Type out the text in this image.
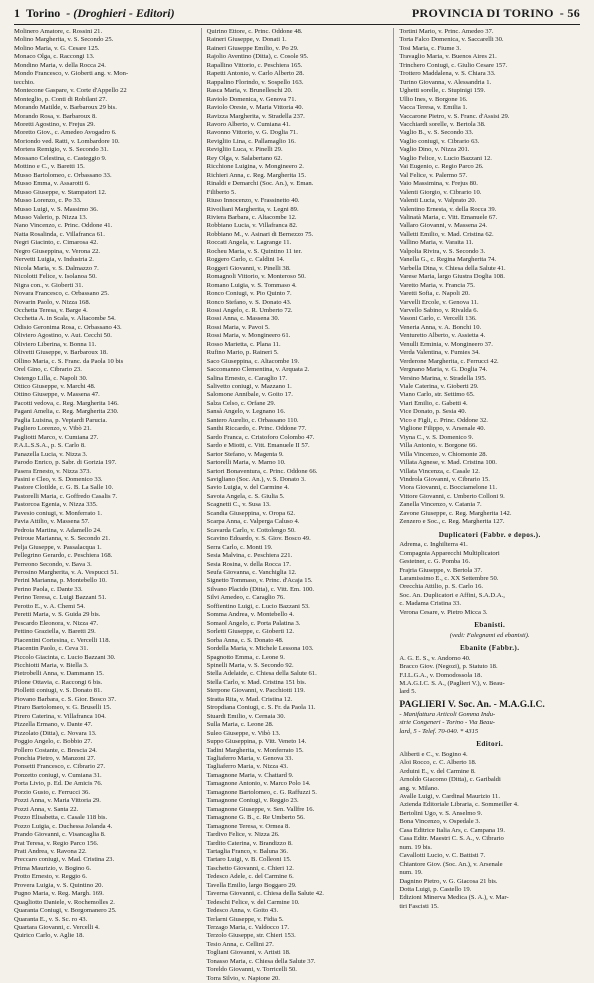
1 Torino - (Droghieri - Editori)	PROVINCIA DI TORINO - 56
Molinero Amatore, c. Rossini 21.
Molino Margherita, v. S. Secondo 25.
Molino Maria, v. G. Cesare 125.
Monaco Olga, c. Raccongi 13.
Mondino Maria, v. della Rocca 24.
Mondo Francesco, v. Gioberti ang. v. Mon-
tecchio.
Montecone Gaspare, v. Corte d'Appello 22
Monteglio, p. Conti di Robilant 27.
Morando Matilde, v. Barbaroux 29 bis.
Morando Rosa, v. Barbaroux 8.
Moretti Agostino, v. Frejus 29.
Moretto Giov., c. Amedeo Avogadro 6.
Moriondo ved. Ratti, v. Lombardore 10.
Mortera Remigio, v. S. Secondo 31.
Mossano Celestina, c. Casteggio 9.
Mottino e C., v. Baretti 15.
Musso Bartolomeo, c. Orbassano 33.
Musso Emma, v. Assarotti 6.
Musso Giuseppe, v. Stampatori 12.
Musso Lorenzo, c. Po 33.
Musso Luigi, v. S. Massimo 36.
Musso Valerio, p. Nizza 13.
Nano Vincenzo, c. Princ. Oddone 41.
Natta Rosalinda, c. Villafranca 61.
Negri Giacinto, c. Cimarosa 42.
Negro Giuseppina, v. Verona 22.
Nervetti Luigia, v. Industria 2.
Nicola Maria, v. S. Dalmazzo 7.
Nicolotti Felice, v. Isolanoa 50.
Nigra con., v. Gioberti 31.
Novara Francesco, c. Orbassano 25.
Novarin Paolo, v. Nizza 168.
Occhetta Teresa, v. Barge 4.
Occhetta A. in Scala, v. Altacombe 54.
Odisio Geronima Rosa, c. Orbassano 43.
Oliviero Agostino, v. Aut. Cecchi 50.
Oliviero Liberina, v. Bonna 11.
Olivetti Giuseppe, v. Barbaroux 18.
Ollino Maria, c. S. Franc. da Paola 10 bis
Orel Gino, c. Cibrario 23.
Ostengo Lilla, c. Napoli 30.
Ottico Giuseppe, v. Marchi 48.
Ottino Giuseppe, v. Massena 47.
Pacotti vedova, c. Reg. Margherita 146.
Pagani Amelia, c. Reg. Margherita 230.
Paglia Luisina, p. Vepiardi Parucia.
Pagliero Lorenzo, v. Vibò 21.
Pagliotti Marco, v. Cumiana 27.
P.A.L.S.S.A., p. S. Carlo 8.
Panazella Lucia, v. Nizza 3.
Parodo Enrico, p. Sabr. di Gorizia 197.
Pasera Ernesto, v. Nizza 373.
Pasini e Cleo, v. S. Domenico 33.
Pastore Clotilde, c. G. B. La Salle 10.
Pastorelli Maria, c. Goffredo Casalis 7.
Pastorcoa Egenia, v. Nizza 335.
Pavesio coniugi, v. Monferrato 1.
Pavia Attilio, v. Massena 57.
Pedroia Martina, v. Adamello 24.
Peiroue Marianna, v. S. Secondo 21.
Pelja Giuseppe, v. Passalacqua 1.
Pellegrino Gerardo, c. Peschiera 168.
Perreono Secondo, v. Bava 3.
Perosino Margherita, v. A. Vespucci 51.
Perini Marianna, p. Montebello 10.
Perino Paola, c. Dante 33.
Perino Teresa, c. Luigi Bazzani 51.
Perotto E., v. A. Chemi 54.
Peretti Maria, v. S. Guida 29 bis.
Pescardo Eleonora, v. Nizza 47.
Pettino Graziella, v. Baretti 29.
Piacentini Cortesina, c. Vercelli 118.
Piacentin Paolo, c. Ceva 31.
Piccolo Giacinta, c. Lucio Bazzani 30.
Picchiotti Maria, v. Biella 3.
Pietrobelli Anna, v. Dammann 15.
Pilone Ottavia, c. Raccongi 6 bis.
Piolletti coniugi, v. S. Donato 81.
Piovano Barbara, c. S. Gior. Bosco 37.
Piraro Bartolomeo, v. G. Bruselli 15.
Pirero Caterina, v. Villafranca 104.
Pizzella Ermano, v. Dante 47.
Pizzolato (Ditta), c. Novara 13.
Poggio Angelo, c. Bobbio 27.
Pollero Costante, c. Brescia 24.
Ponchia Pietro, v. Manzoni 27.
Ponsetti Francesco, c. Cibrario 27.
Ponzetto coniugi, v. Cumiana 31.
Porta Livio, p. Ed. De Amicis 76.
Porzio Gusto, c. Ferrucci 36.
Pozzi Anna, v. Maria Vittoria 29.
Pozzi Anna, v. Santa 22.
Pozzo Elisabetta, c. Casale 118 bis.
Pozzo Luigia, c. Duchessa Jolanda 4.
Prando Giovanni, c. Visancaglia 8.
Prat Teresa, v. Regio Parco 156.
Prati Andrea, v. Ravona 22.
Preccaro coniugi, v. Mad. Cristina 23.
Prima Maurizio, v. Bogino 6.
Protto Ernesto, v. Reggio 6.
Provera Luigia, v. S. Quintino 20.
Pugno Maria, v. Reg. Margh. 169.
Quagliotto Daniele, v. Rochemolles 2.
Quaranta Coniugi, v. Borgomanero 25.
Quaranta E., v. S. Sc. ro 43.
Quartara Giovanni, c. Vercelli 4.
Quirico Carlo, v. Aglie 18.
Quirino Ettore, c. Princ. Oddone 48.
Raineri Giuseppe, v. Donati 1.
Raineri Giuseppe Emilio, v. Po 29.
Rajolio Aventino (Ditta), c. Cosole 95.
Rapallino Vittorio, c. Peschiera 165.
Rapetti Antonio, v. Carlo Alberto 28.
Rappalino Florindo, v. Sospello 163.
Rasca Maria, v. Brunelleschi 20.
Raviolo Domenica, v. Genova 71.
Raviolo Oreste, v. Maria Vittoria 40.
Ravizza Margherita, v. Stradella 237.
Ravoro Alberto, v. Cumiana 41.
Ravonno Vittorio, v. G. Doglia 71.
Revigliio Lina, c. Pallamaglio 16.
Revigliio Luca, v. Pinelli 29.
Rey Olga, v. Salabertano 62.
Ricchione Luigina, v. Mongineero 2.
Richieri Anna, c. Reg. Margherita 15.
Rinaldi e Demarchi (Soc. An.), v. Eman.
Filiberto 5.
Riuso Innocenzo, v. Frassinetto 40.
Rivoiliani Margherita, v. Legni 89.
Riviera Barbara, c. Altacombe 12.
Robbiano Lucia, v. Villafranca 82.
Robbiano M., v. Asinari di Bernezzo 75.
Roccati Angela, v. Lagrange 11.
Rocheu Maria, v. S. Quintino 11 ter.
Roggero Carlo, c. Caldini 14.
Roggeri Giovanni, v. Pinelli 38.
Romagnoli Vittorio, v. Monteroso 50.
Romano Luigia, v. S. Tommaso 4.
Ronco Coniugi, v. Pio Quinto 7.
Ronco Stefano, v. S. Donato 43.
Rossi Angelo, c. R. Umberto 72.
Rossi Anna, c. Massena 30.
Rossi Maria, v. Pavoi 5.
Rossi Maria, v. Mongineero 61.
Rosso Marietta, c. Plana 11.
Rufino Mario, p. Raineri 5.
Saco Giuseppina, c. Altacombe 19.
Saccomanno Clementina, v. Arquata 2.
Salina Ernesto, c. Caraglio 17.
Salivetto coniugi, v. Mazzano 1.
Salomone Annibale, v. Goito 17.
Salza Celso, c. Orfane 29.
Sansà Angelo, v. Legnano 16.
Santero Aurelio, c. Orbassano 110.
Santhi Riccardo, c. Princ. Oddone 77.
Sardo Franca, c. Cristoforo Colombo 47.
Sardo e Miotti, c. Vitt. Emanuele II 57.
Sartor Stefano, v. Magenta 9.
Sartorelli Maria, v. Marno 10.
Sartori Bonaventura, c. Princ. Oddone 66.
Savigliano (Soc. An.), v. S. Donato 3.
Savio Luigia, v. del Carmine 4.
Savoia Angela, c. S. Giulia 5.
Scagnetti C., v. Susa 13.
Scandia Giuseppina, v. Oropa 62.
Scarpa Anna, c. Valperga Caluso 4.
Scavarda Carlo, v. Cottolengo 50.
Scavino Edoardo, v. S. Giov. Bosco 49.
Serra Carlo, c. Monti 19.
Sesia Malvina, c. Peschiera 221.
Sesia Rosina, v. della Rocca 17.
Seufa Giovanna, c. Vanchiglia 12.
Signetto Tommaso, v. Princ. d'Acaja 15.
Silvano Placido (Ditta), c. Vitt. Em. 100.
Silvi Amedeo, c. Caraglio 76.
Soffientino Luigi, c. Lucio Bazzani 53.
Somma Andrea, v. Montebello 4.
Somaol Angelo, c. Porta Palatina 3.
Sorletti Giuseppe, c. Gioberti 12.
Sorba Anna, c. S. Donato 48.
Sordella Maria, v. Michele Lessona 103.
Spagnotto Emma, c. Leone 9.
Spinelli Maria, v. S. Secondo 92.
Stella Adelaide, c. Chiesa della Salute 61.
Stella Carlo, v. Mad. Cristina 151 bis.
Sterpone Giovanni, v. Pacchiotti 119.
Stratta Rita, v. Mad. Cristina 12.
Stropdiana Coniugi, c. S. Fr. da Paola 11.
Stuardi Emilio, v. Cernaia 30.
Sulla Maria, c. Leone 28.
Suleo Giuseppe, v. Vibò 13.
Suppo Giuseppina, p. Vitt. Veneto 14.
Tadini Margherita, v. Monferrato 15.
Tagliaferro Maria, v. Genova 33.
Tagliaferro Maria, v. Nizza 43.
Tamagnone Maria, v. Chattard 9.
Tamagnone Antonio, v. Marco Polo 14.
Tamagnone Bartolomeo, c. G. Raffuzzi 5.
Tamagnone Coniugi, v. Reggio 23.
Tamagnone Giuseppe, v. Sen. Vallfre 16.
Tamagnone G. B., c. Re Umberto 56.
Tamagnone Teresa, v. Ormea 8.
Tardivo Felice, v. Nizza 26.
Tardito Caterina, v. Brandizzo 8.
Tartaglia Franco, v. Baluna 36.
Tartaro Luigi, v. B. Colleoni 15.
Taschetto Giovanni, c. Chieri 12.
Tedesco Adele, c. del Carmine 6.
Tavella Emilio, largo Boggaro 29.
Taverna Giovanni, c. Chiesa della Salute 42.
Tedeschi Felice, v. del Carmine 10.
Tedesco Anna, v. Goito 43.
Terlarni Giuseppe, v. Fidia 5.
Terzago Maria, c. Valdocco 17.
Terzolo Giuseppe, str. Chieri 153.
Tesio Anna, c. Cellini 27.
Togliani Giovanni, v. Artisti 18.
Tonasso Maria, c. Chiesa della Salute 37.
Toreldo Giovanni, v. Torricelli 50.
Torra Silvio, v. Napione 20.
Tortini Mario, v. Princ. Amedeo 37.
Torta Falco Domenica, v. Saccarelli 30.
Tosi Maria, c. Fiume 3.
Travaglio Maria, v. Buenos Aires 21.
Trinchero Coniugi, c. Giulio Cesare 157.
Trottero Maddalena, v. S. Chiara 33.
Turino Giovanna, v. Alessandria 1.
Ughetti sorelle, c. Stupinigi 159.
Ullio Ines, v. Borgone 16.
Vacca Teresa, v. Emilia 1.
Vaccarone Pietro, v. S. Franc. d'Assisi 29.
Vacchiardi sorelle, v. Bertola 38.
Vaglio B., v. S. Secondo 33.
Vaglio coniugi, v. Cibrario 63.
Vaglio Dino, v. Nizza 201.
Vaglio Felice, v. Lucio Bazzani 12.
Vai Eugenio, c. Regio Parco 26.
Val Felice, v. Palermo 57.
Vaio Massimina, v. Frejus 80.
Valenti Giorgio, v. Cibrario 10.
Valenti Lucia, v. Valprato 20.
Valentino Ernesta, v. della Rocca 39.
Valinatà Maria, c. Vitt. Emanuele 67.
Vallaro Giovanni, v. Massena 24.
Valletti Emilio, v. Mad. Cristina 62.
Vallino Maria, v. Varaita 11.
Valpolta Rivira, v. S. Secondo 3.
Vanella G., c. Regina Margherita 74.
Varbella Dina, v. Chiesa della Salute 41.
Varese Maria, largo Giustra Doglia 108.
Varetto Maria, v. Francia 75.
Varetti Sofia, c. Napoli 20.
Varvelli Ercole, v. Genova 11.
Varvello Sabino, v. Rivalda 6.
Vasoni Carlo, c. Vercelli 136.
Veneria Anna, v. A. Bonchi 10.
Venturetto Alberto, v. Assietta 4.
Venulli Erminia, v. Mongineero 37.
Verda Valentina, v. Fumies 34.
Verderone Margherita, c. Ferrucci 42.
Vergnano Maria, v. G. Doglia 74.
Versino Marina, v. Stradella 195.
Viale Caterina, v. Gioberti 29.
Viano Carlo, str. Settimo 65.
Viari Emilio, c. Gabetti 4.
Vice Donato, p. Sesia 40.
Vico e Figli, c. Princ. Oddone 32.
Viglione Filippo, v. Arsenale 40.
Viyna C., v. S. Domenico 9.
Villa Antonio, v. Borgone 66.
Villa Vincenzo, v. Chiomonte 28.
Villata Agnese, v. Mad. Cristina 100.
Villata Vincenza, c. Casale 12.
Vindrola Giovanni, v. Cibrario 15.
Viora Giovanni, c. Bocciamelone 11.
Vittore Giovanni, c. Umberto Colloni 9.
Zanella Vincenzo, v. Catania 7.
Zavone Giuseppe, c. Reg. Margherita 142.
Zenzero e Soc., c. Reg. Margherita 127.
Duplicatori (Fabbr. e depos.).
Adrema, c. Inghilterra 41.
Compagnia Apparecchi Multiplicatori
Gestetner, c. G. Pomba 16.
Frajria Giuseppe, v. Bertola 37.
Laramissimo E., c. XX Settembre 50.
Orecchia Attilio, p. S. Carlo 16.
Soc. An. Duplicatori e Affini, S.A.D.A.,
c. Madama Cristina 33.
Verona Cesare, v. Pietro Micca 3.
Ebanisti.
(vedi: Falegnami ed ebanisti).
Ebanite (Fabbr.).
A. G. E. S., v. Andorno 40.
Bracco Giov. (Negozi), p. Statuto 18.
F.I.L.G.A., v. Domodossola 18.
M.A.G.I.C. S. A., (Paglieri V.), v. Beau-
lard 5.
PAGLIERI V. Soc. An. - M.A.G.I.C.
- Manifattura Articoli Gomma Indu-
strie Congeneri - Torino - Via Beau-
lard, 5 - Telef. 70-040. * 4315
Editori.
Aliberti e C., v. Bogino 4.
Aloi Rocco, c. C. Alberto 18.
Arduini E., v. del Carmine 8.
Arnoldo Giacomo (Ditta), c. Garibaldi
ang. v. Milano.
Avalle Luigi, v. Cardinal Maurizio 11.
Azienda Editoriale Libraria, c. Sommeiller 4.
Bertolini Ugo, v. S. Anselmo 9.
Bona Vincenzo, v. Ospedale 3.
Casa Editrice Italia Ars, c. Campana 19.
Casa Editr. Maestri C. S. A., v. Cibrario
num. 19 bis.
Cavallotti Lucio, v. C. Battisti 7.
Chiantore Giov. (Soc. An.), v. Arsenale
num. 19.
Dagnino Pietro, v. G. Giacosa 21 bis.
Dotta Luigi, p. Castello 19.
Edizioni Minerva Medica (S. A.), v. Mar-
tiri Fascisti 15.
